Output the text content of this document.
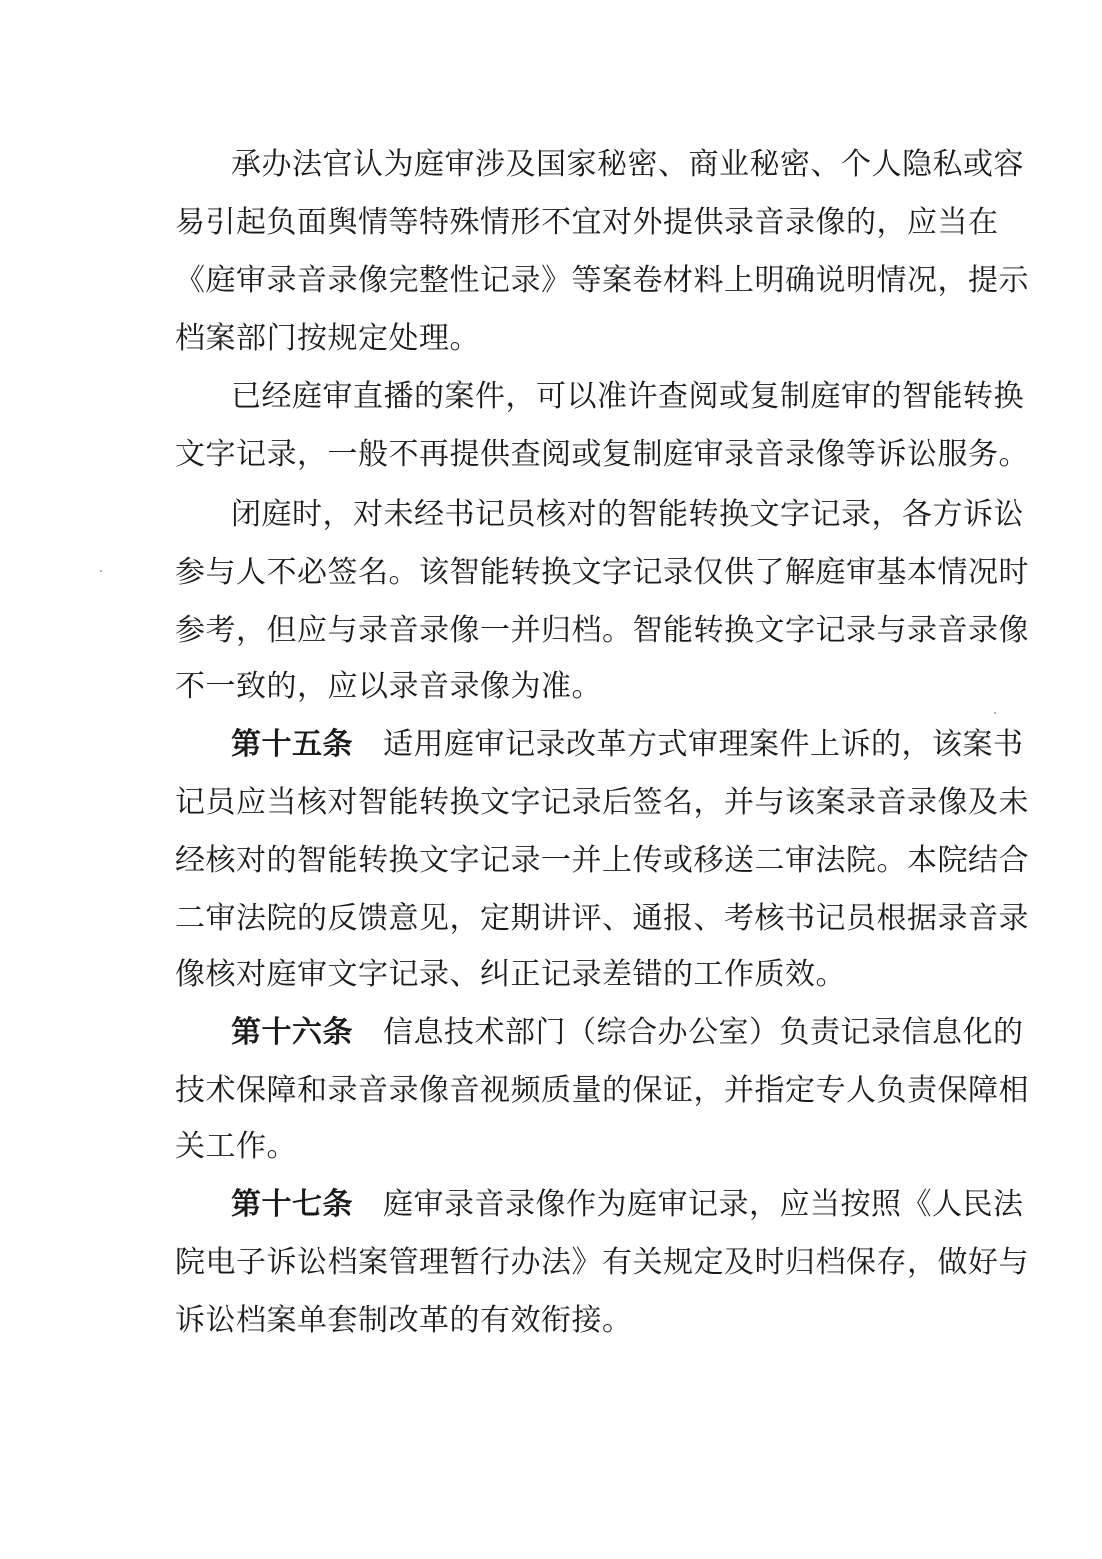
承办法官认为庭审涉及国家秘密、商业秘密、个人隐私或容
易引起负面舆情等特殊情形不宜对外提供录音录像的，应当在
《庭审录音录像完整性记录》等案卷材料上明确说明情况，提示
档案部门按规定处理。
已经庭审直播的案件，可以准许查阅或复制庭审的智能转换
文字记录，一般不再提供查阅或复制庭审录音录像等诉讼服务。
闭庭时，对未经书记员核对的智能转换文字记录，各方诉讼
参与人不必签名。该智能转换文字记录仅供了解庭审基本情况时
参考，但应与录音录像一并归档。智能转换文字记录与录音录像
不一致的，应以录音录像为准。
第十五条 适用庭审记录改革方式审理案件上诉的，该案书
记员应当核对智能转换文字记录后签名，并与该案录音录像及未
经核对的智能转换文字记录一并上传或移送二审法院。本院结合
二审法院的反馈意见，定期讲评、通报、考核书记员根据录音录
像核对庭审文字记录、纠正记录差错的工作质效。
第十六条 信息技术部门（综合办公室）负责记录信息化的
技术保障和录音录像音视频质量的保证，并指定专人负责保障相
关工作。
第十七条 庭审录音录像作为庭审记录，应当按照《人民法
院电子诉讼档案管理暂行办法》有关规定及时归档保存，做好与
诉讼档案单套制改革的有效衔接。
